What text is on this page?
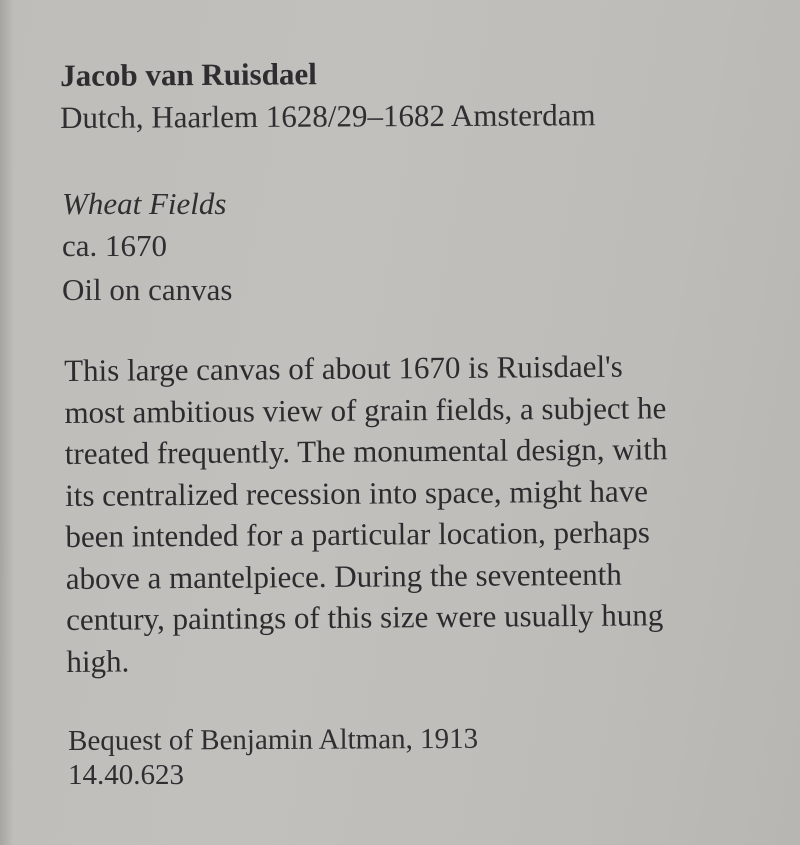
Jacob van Ruisdael
Dutch, Haarlem 1628/29–1682 Amsterdam
Wheat Fields
ca. 1670
Oil on canvas
This large canvas of about 1670 is Ruisdael's
most ambitious view of grain fields, a subject he
treated frequently. The monumental design, with
its centralized recession into space, might have
been intended for a particular location, perhaps
above a mantelpiece. During the seventeenth
century, paintings of this size were usually hung
high.
Bequest of Benjamin Altman, 1913
14.40.623
